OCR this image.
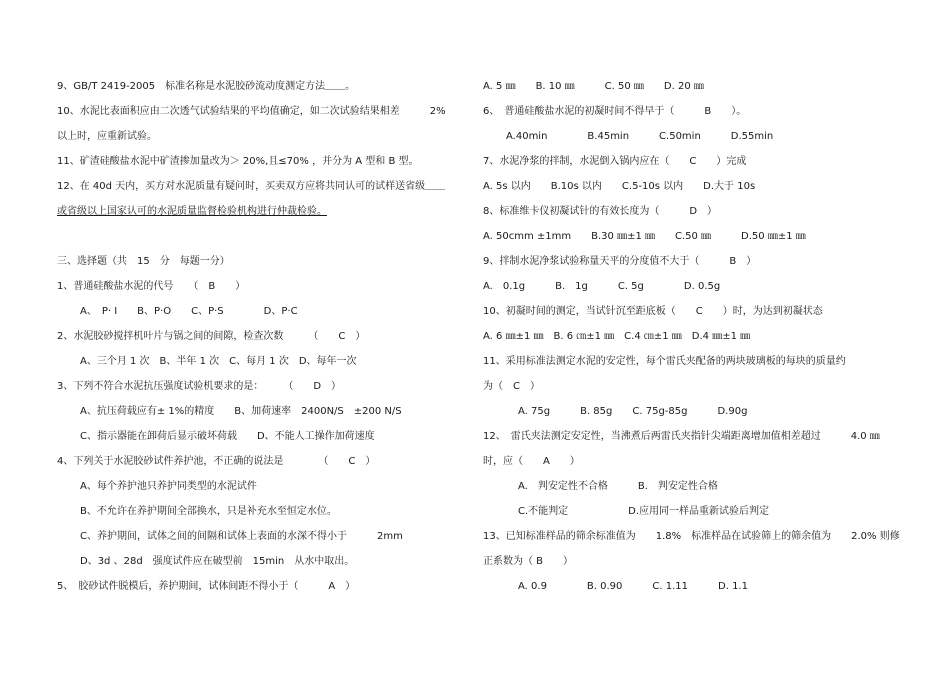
9、GB/T 2419-2005　标准名称是水泥胶砂流动度测定方法＿＿。
10、水泥比表面积应由二次透气试验结果的平均值确定，如二次试验结果相差　　　2%
以上时，应重新试验。
11、矿渣硅酸盐水泥中矿渣掺加量改为＞ 20%,且≤70% ，并分为 A 型和 B 型。
12、在 40d 天内，买方对水泥质量有疑问时，买卖双方应将共同认可的试样送省级＿＿
或省级以上国家认可的水泥质量监督检验机构进行仲裁检验。
三、选择题（共　15　分　每题一分）
1、普通硅酸盐水泥的代号　　（　B　　）
A、　P· Ⅰ　　B、P·O　　C、P·S　　　　D、P·C
2、水泥胶砂搅拌机叶片与锅之间的间隙，检查次数　　　（　　C　）
A、三个月 1 次　B、半年 1 次　C、每月 1 次　D、每年一次
3、下列不符合水泥抗压强度试验机要求的是：　　　（　　D　）
A、抗压荷载应有± 1%的精度　　B、加荷速率　2400N/S　±200 N/S
C、指示器能在卸荷后显示破坏荷载　　D、不能人工操作加荷速度
4、下列关于水泥胶砂试件养护池，不正确的说法是　　　　（　　C　）
A、每个养护池只养护同类型的水泥试件
B、不允许在养护期间全部换水，只是补充水至恒定水位。
C、养护期间，试体之间的间隔和试体上表面的水深不得小于　　　2mm
D、3d 、28d　强度试件应在破型前　15min　从水中取出。
5、　胶砂试件脱模后，养护期间，试体间距不得小于（　　　A　）
A. 5 ㎜　　B. 10 ㎜　　　C. 50 ㎜　　D. 20 ㎜
6、　普通硅酸盐水泥的初凝时间不得早于（　　　B　　）。
A.40min　　　　B.45min　　　C.50min　　　D.55min
7、水泥净浆的拌制，水泥倒入锅内应在（　　C　　）完成
A. 5s 以内　　B.10s 以内　　C.5-10s 以内　　D.大于 10s
8、标准维卡仪初凝试针的有效长度为（　　　D　）
A. 50cmm ±1mm　　B.30 ㎜±1 ㎜　　C.50 ㎜　　　D.50 ㎜±1 ㎜
9、拌制水泥净浆试验称量天平的分度值不大于（　　　B　）
A.　0.1g　　　B.　1g　　　C. 5g　　　　D. 0.5g
10、初凝时间的测定，当试针沉至距底板（　　C　　）时，为达到初凝状态
A. 6 ㎜±1 ㎜　B. 6 ㎝±1 ㎜　C.4 ㎝±1 ㎜　D.4 ㎜±1 ㎜
11、采用标准法测定水泥的安定性，每个雷氏夹配备的两块玻璃板的每块的质量约
为（　C　）
A. 75g　　　B. 85g　　C. 75g-85g　　　D.90g
12、　雷氏夹法测定安定性，当沸煮后两雷氏夹指针尖端距离增加值相差超过　　　4.0 ㎜
时，应（　　A　　）
A.　判安定性不合格　　　B.　判安定性合格
C.不能判定　　　　　　D.应用同一样品重新试验后判定
13、已知标准样品的筛余标准值为　　1.8%　标准样品在试验筛上的筛余值为　　2.0% 则修
正系数为（ B　　）
A. 0.9　　　　B. 0.90　　　C. 1.11　　　D. 1.1
